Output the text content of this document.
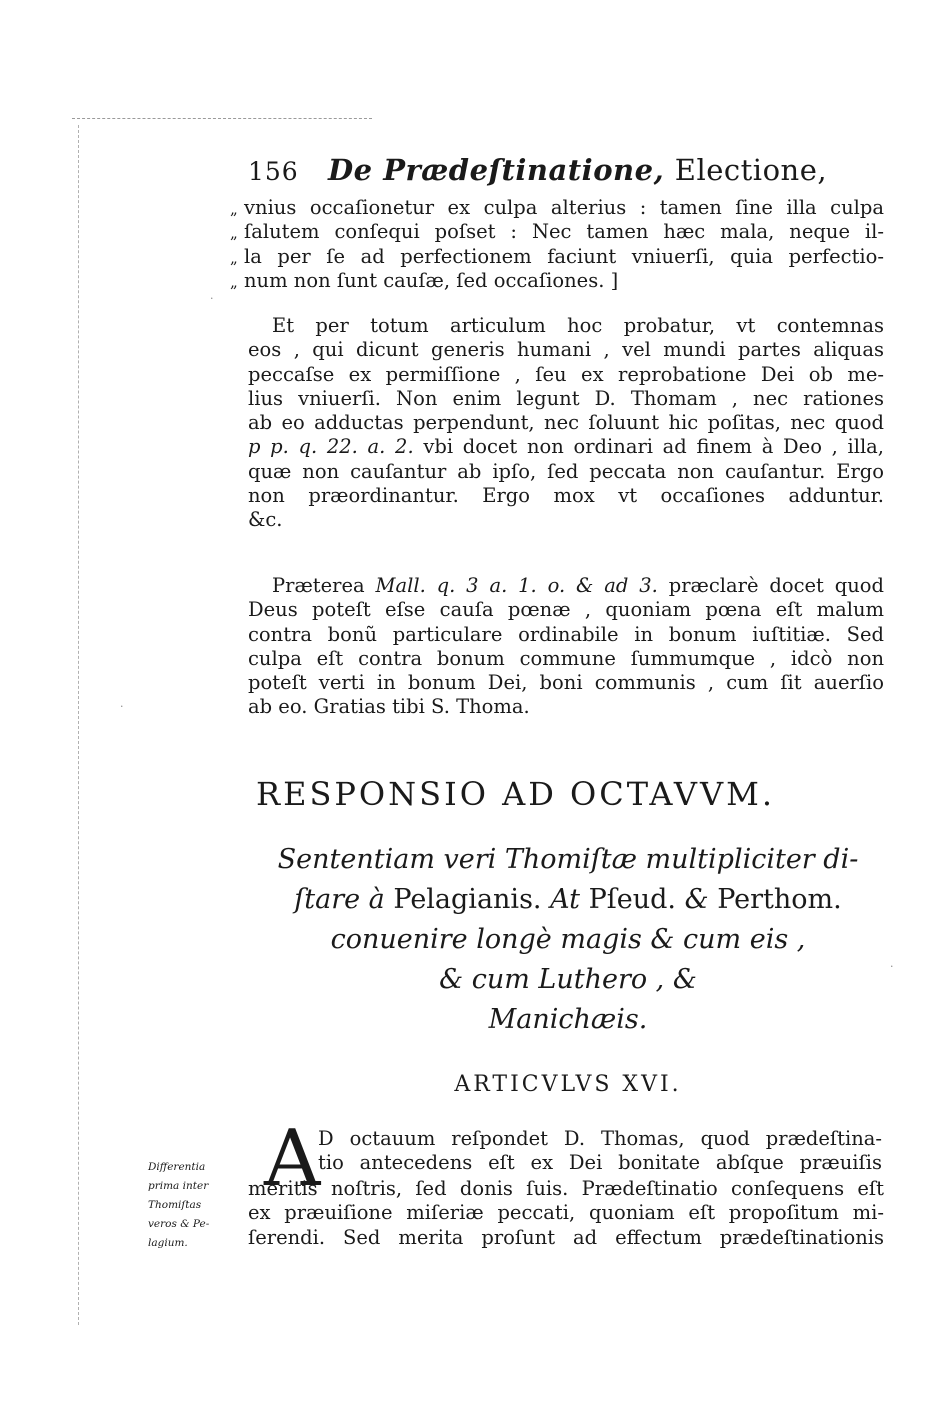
·
·
·
156 De Prædeſtinatione, Electione,
„ vnius occaſionetur ex culpa alterius : tamen ſine illa culpa
„ ſalutem conſequi poſset : Nec tamen hæc mala, neque il-
„ la per ſe ad perfectionem faciunt vniuerſi, quia perfectio-
„ num non ſunt cauſæ, ſed occaſiones. ]
Et per totum articulum hoc probatur, vt contemnas
eos , qui dicunt generis humani , vel mundi partes aliquas
peccaſse ex permiſſione , ſeu ex reprobatione Dei ob me-
lius vniuerſi. Non enim legunt D. Thomam , nec rationes
ab eo adductas perpendunt, nec ſoluunt hic poſitas, nec quod
p p. q. 22. a. 2. vbi docet non ordinari ad finem à Deo , illa,
quæ non cauſantur ab ipſo, ſed peccata non cauſantur. Ergo
non præordinantur. Ergo mox vt occaſiones adduntur.
&c.
Præterea Mall. q. 3 a. 1. o. & ad 3. præclarè docet quod
Deus poteſt eſse cauſa pœnæ , quoniam pœna eſt malum
contra bonũ particulare ordinabile in bonum iuſtitiæ. Sed
culpa eſt contra bonum commune ſummumque , idcò non
poteſt verti in bonum Dei, boni communis , cum ſit auerſio
ab eo. Gratias tibi S. Thoma.
RESPONSIO AD OCTAVVM.
Sententiam veri Thomiſtæ multipliciter di-
ſtare à Pelagianis. At Pſeud. & Perthom.
conuenire longè magis & cum eis ,
& cum Luthero , &
Manichæis.
ARTICVLVS XVI.
A
D octauum reſpondet D. Thomas, quod prædeſtina-
tio antecedens eſt ex Dei bonitate abſque præuiſis
meritis noſtris, ſed donis ſuis. Prædeſtinatio conſequens eſt
ex præuiſione miſeriæ peccati, quoniam eſt propoſitum mi-
ſerendi. Sed merita proſunt ad effectum prædeſtinationis
Differentia
prima inter
Thomiſtas
veros & Pe-
lagium.
